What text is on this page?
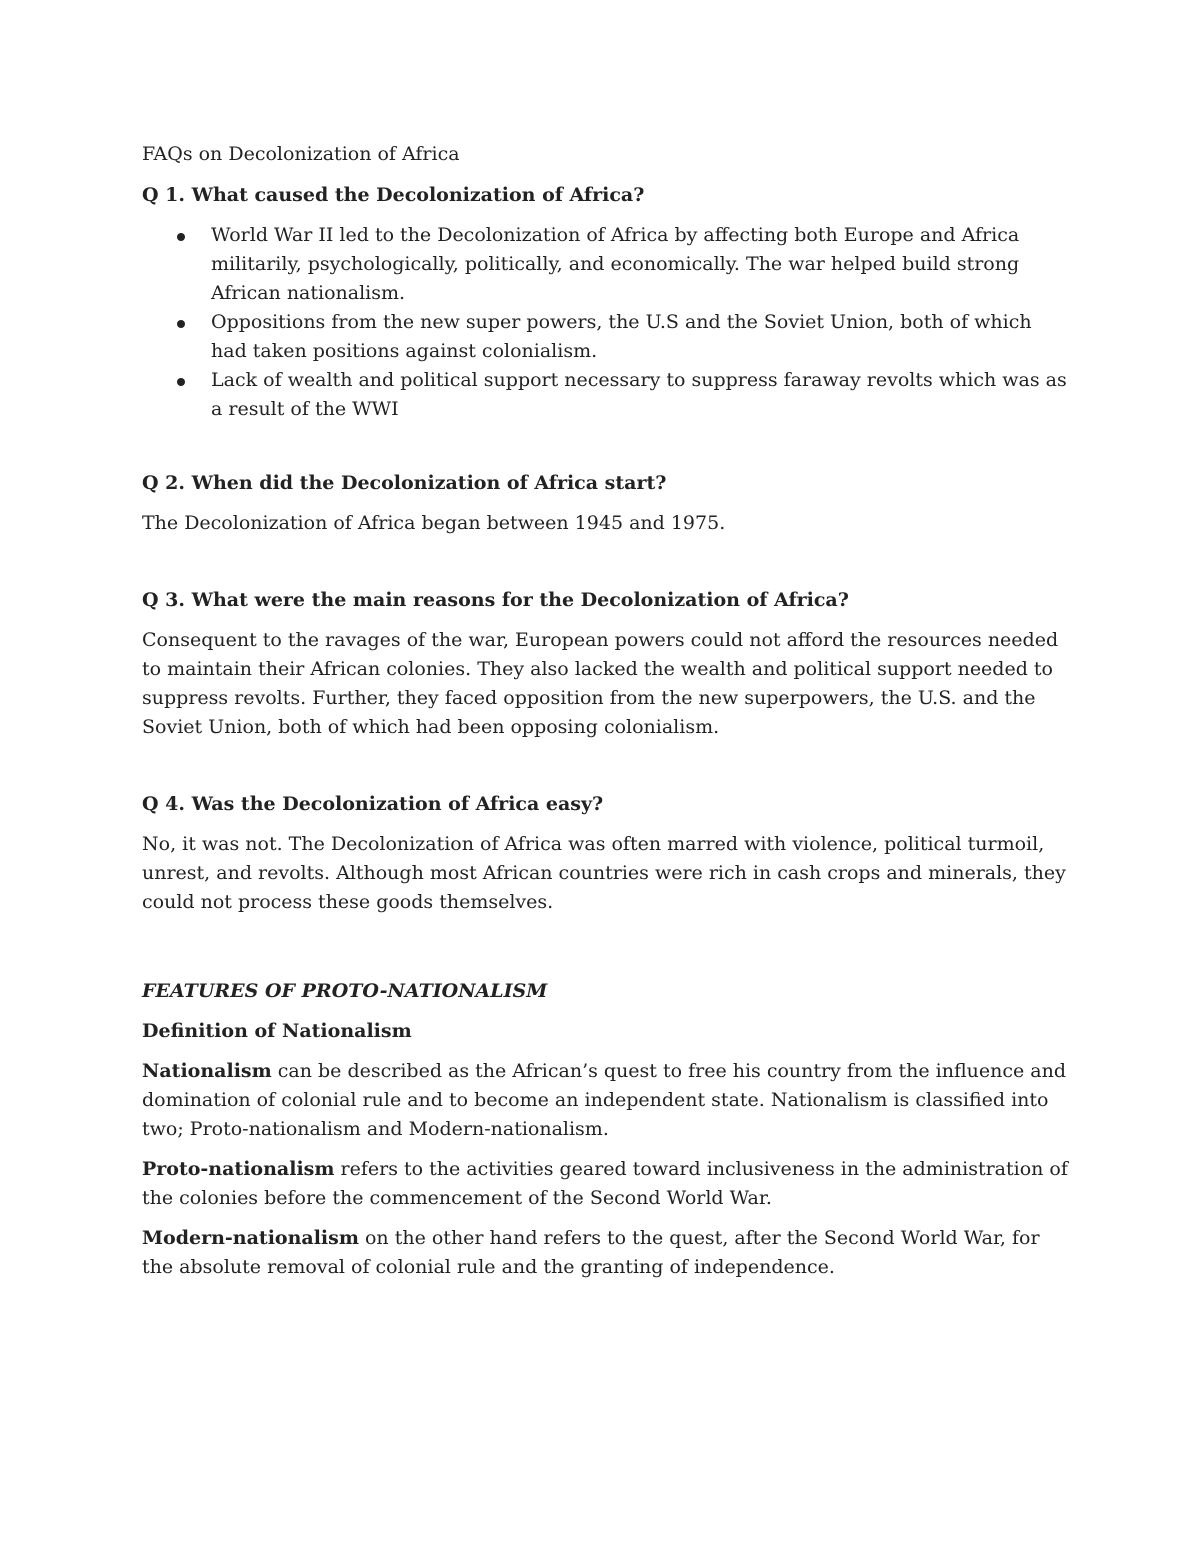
FAQs on Decolonization of Africa

Q 1. What caused the Decolonization of Africa?

World War II led to the Decolonization of Africa by affecting both Europe and Africa militarily, psychologically, politically, and economically. The war helped build strong African nationalism.
Oppositions from the new super powers, the U.S and the Soviet Union, both of which had taken positions against colonialism.
Lack of wealth and political support necessary to suppress faraway revolts which was as a result of the WWI

Q 2. When did the Decolonization of Africa start?

The Decolonization of Africa began between 1945 and 1975.

Q 3. What were the main reasons for the Decolonization of Africa?

Consequent to the ravages of the war, European powers could not afford the resources needed to maintain their African colonies. They also lacked the wealth and political support needed to suppress revolts. Further, they faced opposition from the new superpowers, the U.S. and the Soviet Union, both of which had been opposing colonialism.

Q 4. Was the Decolonization of Africa easy?

No, it was not. The Decolonization of Africa was often marred with violence, political turmoil, unrest, and revolts. Although most African countries were rich in cash crops and minerals, they could not process these goods themselves.

FEATURES OF PROTO-NATIONALISM

Definition of Nationalism

Nationalism can be described as the African’s quest to free his country from the influence and domination of colonial rule and to become an independent state. Nationalism is classified into two; Proto-nationalism and Modern-nationalism.

Proto-nationalism refers to the activities geared toward inclusiveness in the administration of the colonies before the commencement of the Second World War.

Modern-nationalism on the other hand refers to the quest, after the Second World War, for the absolute removal of colonial rule and the granting of independence.
